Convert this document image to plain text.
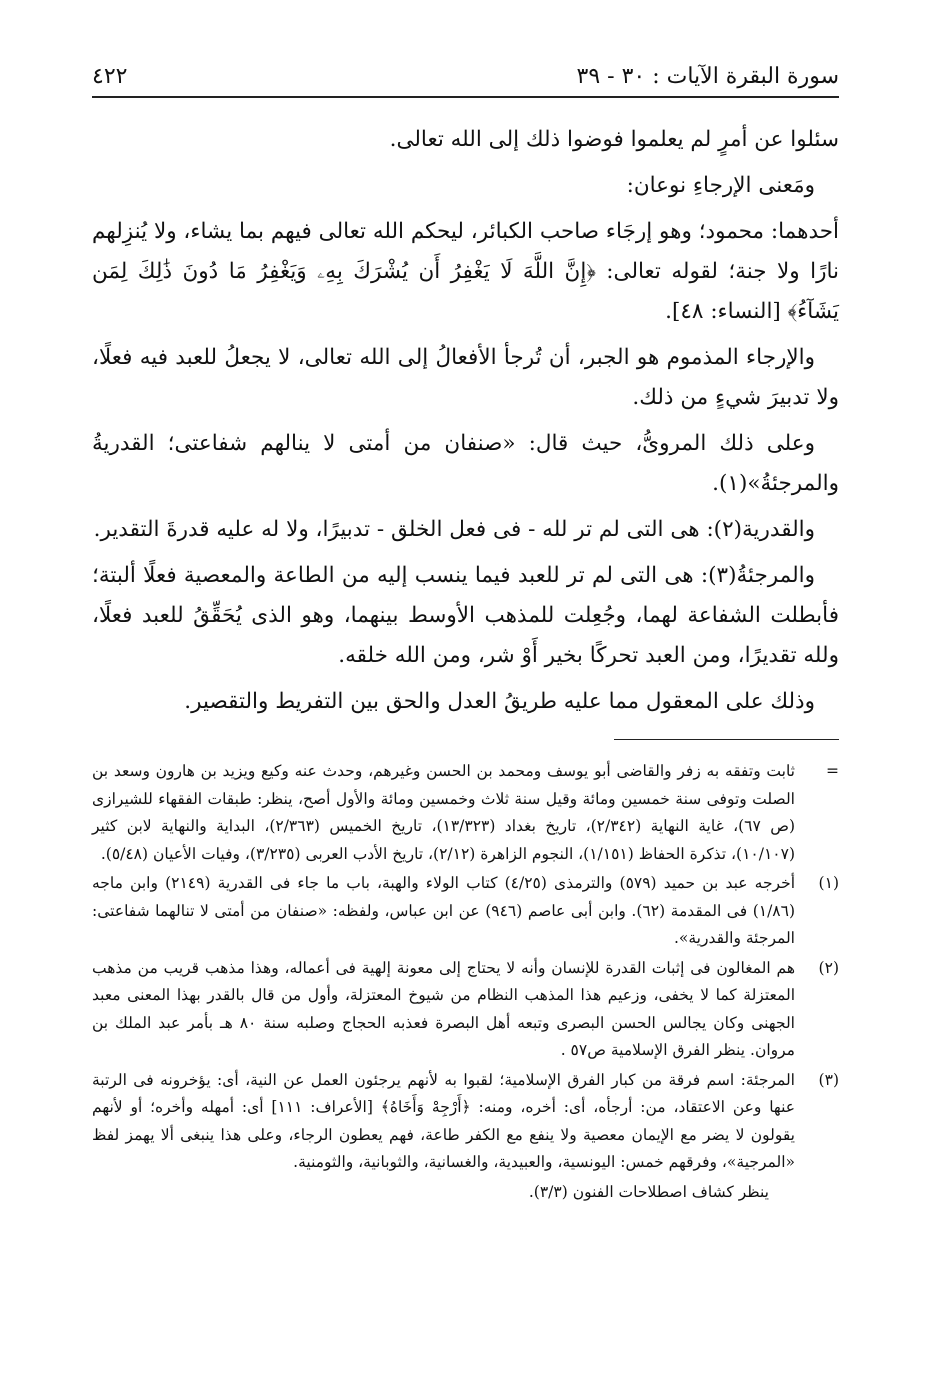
سورة البقرة الآيات : ٣٠ - ٣٩
٤٢٢

سئلوا عن أمرٍ لم يعلموا فوضوا ذلك إلى الله تعالى.

ومَعنى الإرجاءِ نوعان:

أحدهما: محمود؛ وهو إرجَاء صاحب الكبائر، ليحكم الله تعالى فيهم بما يشاء، ولا يُنزِلهم نارًا ولا جنة؛ لقوله تعالى: ﴿إِنَّ اللَّهَ لَا يَغْفِرُ أَن يُشْرَكَ بِهِۦ وَيَغْفِرُ مَا دُونَ ذَٰلِكَ لِمَن يَشَآءُ﴾ [النساء: ٤٨].

والإرجاء المذموم هو الجبر، أن تُرجأ الأفعالُ إلى الله تعالى، لا يجعلُ للعبد فيه فعلًا، ولا تدبيرَ شيءٍ من ذلك.

وعلى ذلك المروىُّ، حيث قال: «صنفان من أمتى لا ينالهم شفاعتى؛ القدريةُ والمرجئةُ»(١).

والقدرية(٢): هى التى لم تر لله - فى فعل الخلق - تدبيرًا، ولا له عليه قدرةَ التقدير.

والمرجئةُ(٣): هى التى لم تر للعبد فيما ينسب إليه من الطاعة والمعصية فعلًا ألبتة؛ فأبطلت الشفاعة لهما، وجُعِلت للمذهب الأوسط بينهما، وهو الذى يُحَقِّقُ للعبد فعلًا، ولله تقديرًا، ومن العبد تحركًا بخير أَوْ شر، ومن الله خلقه.

وذلك على المعقول مما عليه طريقُ العدل والحق بين التفريط والتقصير.

=
ثابت وتفقه به زفر والقاضى أبو يوسف ومحمد بن الحسن وغيرهم، وحدث عنه وكيع ويزيد بن هارون وسعد بن الصلت وتوفى سنة خمسين ومائة وقيل سنة ثلاث وخمسين ومائة والأول أصح، ينظر: طبقات الفقهاء للشيرازى (ص ٦٧)، غاية النهاية (٢/٣٤٢)، تاريخ بغداد (١٣/٣٢٣)، تاريخ الخميس (٢/٣٦٣)، البداية والنهاية لابن كثير (١٠/١٠٧)، تذكرة الحفاظ (١/١٥١)، النجوم الزاهرة (٢/١٢)، تاريخ الأدب العربى (٣/٢٣٥)، وفيات الأعيان (٥/٤٨).
(١)
أخرجه عبد بن حميد (٥٧٩) والترمذى (٤/٢٥) كتاب الولاء والهبة، باب ما جاء فى القدرية (٢١٤٩) وابن ماجه (١/٨٦) فى المقدمة (٦٢). وابن أبى عاصم (٩٤٦) عن ابن عباس، ولفظه: «صنفان من أمتى لا تنالهما شفاعتى: المرجئة والقدرية».
(٢)
هم المغالون فى إثبات القدرة للإنسان وأنه لا يحتاج إلى معونة إلهية فى أعماله، وهذا مذهب قريب من مذهب المعتزلة كما لا يخفى، وزعيم هذا المذهب النظام من شيوخ المعتزلة، وأول من قال بالقدر بهذا المعنى معبد الجهنى وكان يجالس الحسن البصرى وتبعه أهل البصرة فعذبه الحجاج وصلبه سنة ٨٠ هـ بأمر عبد الملك بن مروان. ينظر الفرق الإسلامية ص٥٧ .
(٣)
المرجئة: اسم فرقة من كبار الفرق الإسلامية؛ لقبوا به لأنهم يرجئون العمل عن النية، أى: يؤخرونه فى الرتبة عنها وعن الاعتقاد، من: أرجأه، أى: أخره، ومنه: ﴿أَرْجِهْ وَأَخَاهُ﴾ [الأعراف: ١١١] أى: أمهله وأخره؛ أو لأنهم يقولون لا يضر مع الإيمان معصية ولا ينفع مع الكفر طاعة، فهم يعطون الرجاء، وعلى هذا ينبغى ألا يهمز لفظ «المرجية»، وفرقهم خمس: اليونسية، والعبيدية، والغسانية، والثوبانية، والثومنية.
ينظر كشاف اصطلاحات الفنون (٣/٣).
